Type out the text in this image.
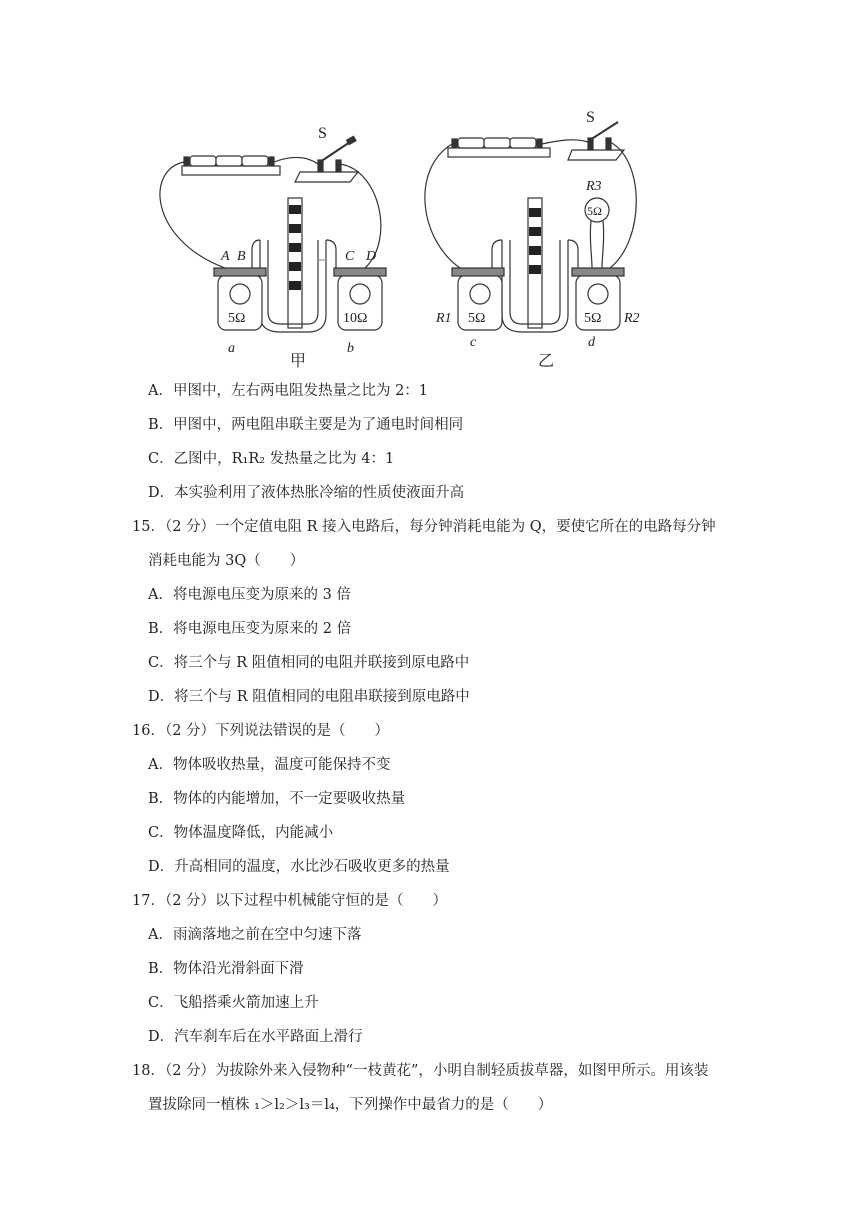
S
5Ω
A B
a
10Ω
C D
b
甲
S
5Ω
R3
5Ω
R1
c
5Ω R2
d
乙
A．甲图中，左右两电阻发热量之比为 2：1
B．甲图中，两电阻串联主要是为了通电时间相同
C．乙图中，R₁R₂ 发热量之比为 4：1
D．本实验利用了液体热胀冷缩的性质使液面升高
15．（2 分）一个定值电阻 R 接入电路后，每分钟消耗电能为 Q，要使它所在的电路每分钟
消耗电能为 3Q（　　）
A．将电源电压变为原来的 3 倍
B．将电源电压变为原来的 2 倍
C．将三个与 R 阻值相同的电阻并联接到原电路中
D．将三个与 R 阻值相同的电阻串联接到原电路中
16．（2 分）下列说法错误的是（　　）
A．物体吸收热量，温度可能保持不变
B．物体的内能增加，不一定要吸收热量
C．物体温度降低，内能减小
D．升高相同的温度，水比沙石吸收更多的热量
17．（2 分）以下过程中机械能守恒的是（　　）
A．雨滴落地之前在空中匀速下落
B．物体沿光滑斜面下滑
C．飞船搭乘火箭加速上升
D．汽车刹车后在水平路面上滑行
18．（2 分）为拔除外来入侵物种“一枝黄花”，小明自制轻质拔草器，如图甲所示。用该装
置拔除同一植株 ₁＞l₂＞l₃＝l₄，下列操作中最省力的是（　　）
